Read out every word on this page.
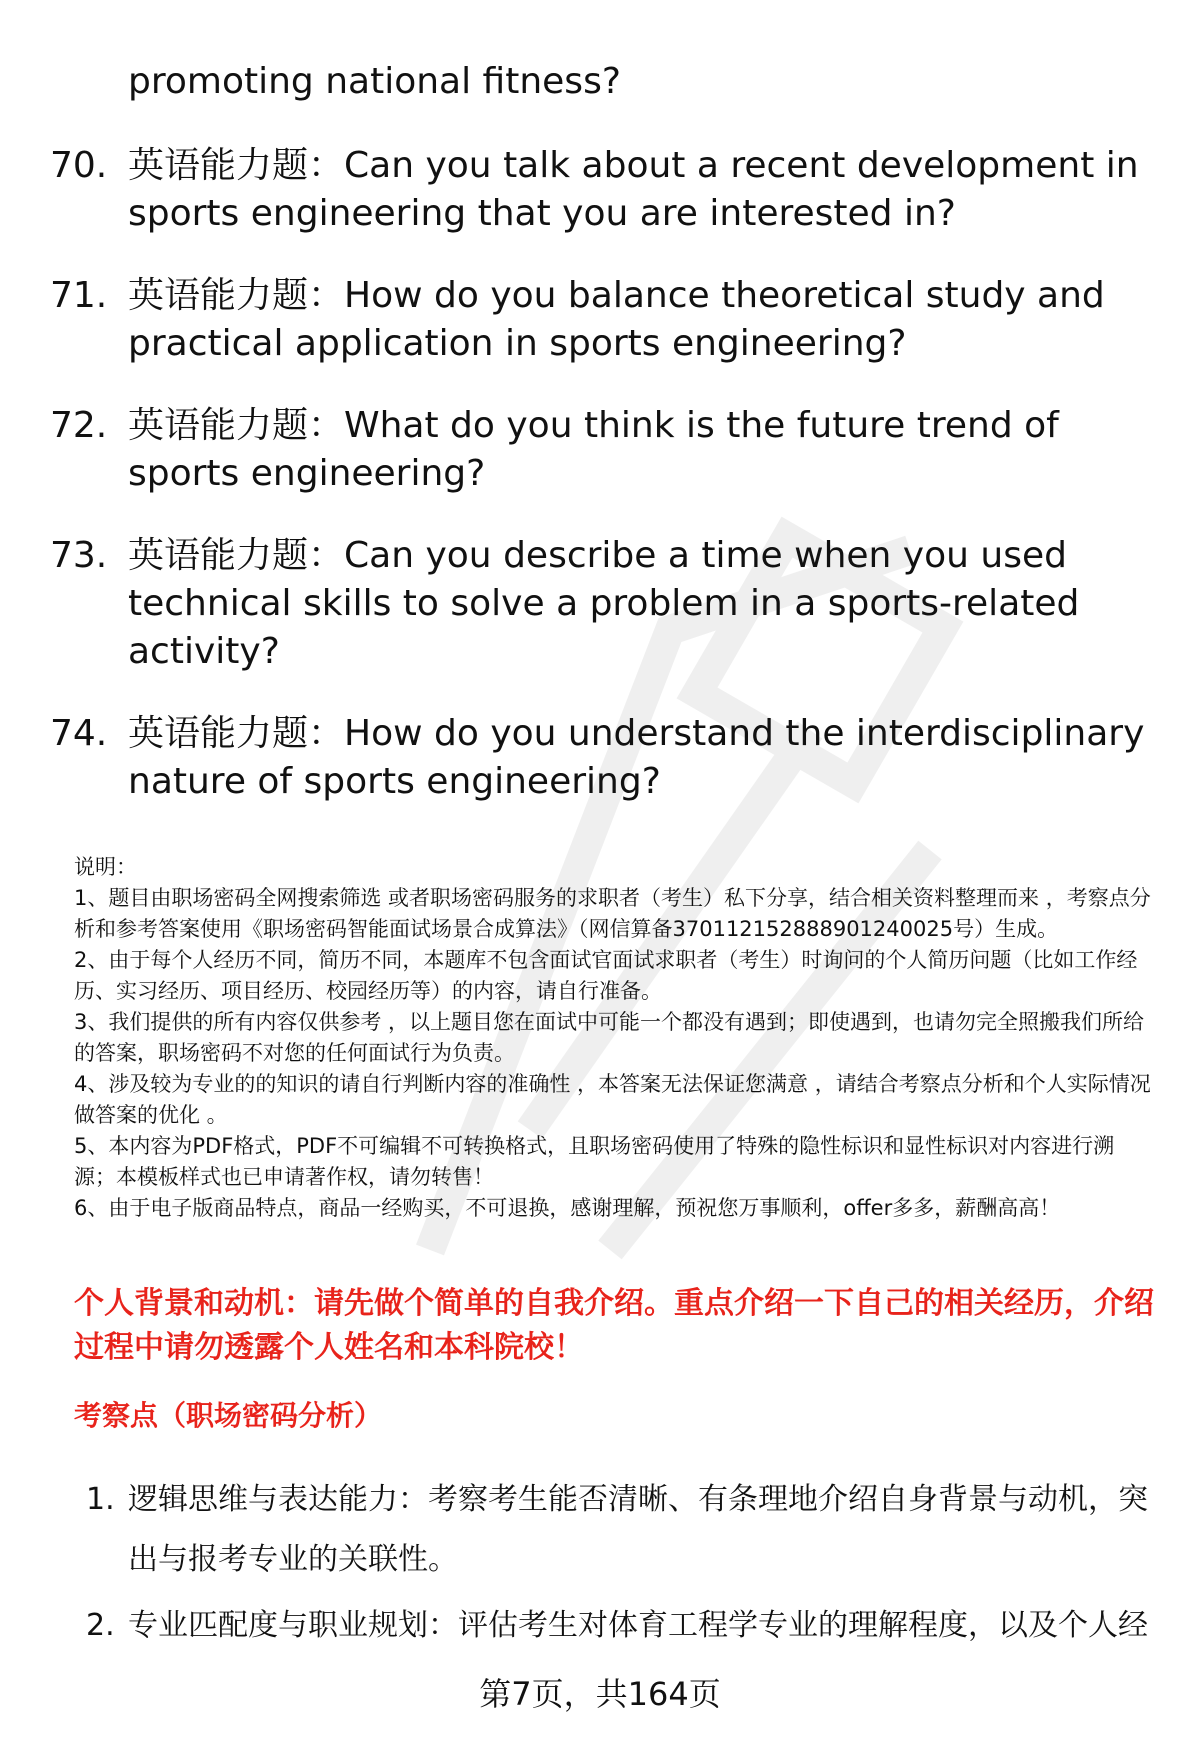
promoting national fitness?
70. 英语能力题：Can you talk about a recent development in sports engineering that you are interested in?
71. 英语能力题：How do you balance theoretical study and practical application in sports engineering?
72. 英语能力题：What do you think is the future trend of sports engineering?
73. 英语能力题：Can you describe a time when you used technical skills to solve a problem in a sports-related activity?
74. 英语能力题：How do you understand the interdisciplinary nature of sports engineering?

说明：

1、题目由职场密码全网搜索筛选 或者职场密码服务的求职者（考生）私下分享，结合相关资料整理而来 ，考察点分析和参考答案使用《职场密码智能面试场景合成算法》（网信算备370112152888901240025号）生成。

2、由于每个人经历不同，简历不同，本题库不包含面试官面试求职者（考生）时询问的个人简历问题（比如工作经历、实习经历、项目经历、校园经历等）的内容，请自行准备。

3、我们提供的所有内容仅供参考 ，以上题目您在面试中可能一个都没有遇到；即使遇到，也请勿完全照搬我们所给的答案，职场密码不对您的任何面试行为负责。

4、涉及较为专业的的知识的请自行判断内容的准确性 ，本答案无法保证您满意 ，请结合考察点分析和个人实际情况做答案的优化 。

5、本内容为PDF格式，PDF不可编辑不可转换格式，且职场密码使用了特殊的隐性标识和显性标识对内容进行溯源；本模板样式也已申请著作权，请勿转售！

6、由于电子版商品特点，商品一经购买，不可退换，感谢理解，预祝您万事顺利，offer多多，薪酬高高！

个人背景和动机：请先做个简单的自我介绍。重点介绍一下自己的相关经历，介绍过程中请勿透露个人姓名和本科院校！
考察点（职场密码分析）
1. 逻辑思维与表达能力：考察考生能否清晰、有条理地介绍自身背景与动机，突出与报考专业的关联性。
2. 专业匹配度与职业规划：评估考生对体育工程学专业的理解程度，以及个人经
第7页，共164页
